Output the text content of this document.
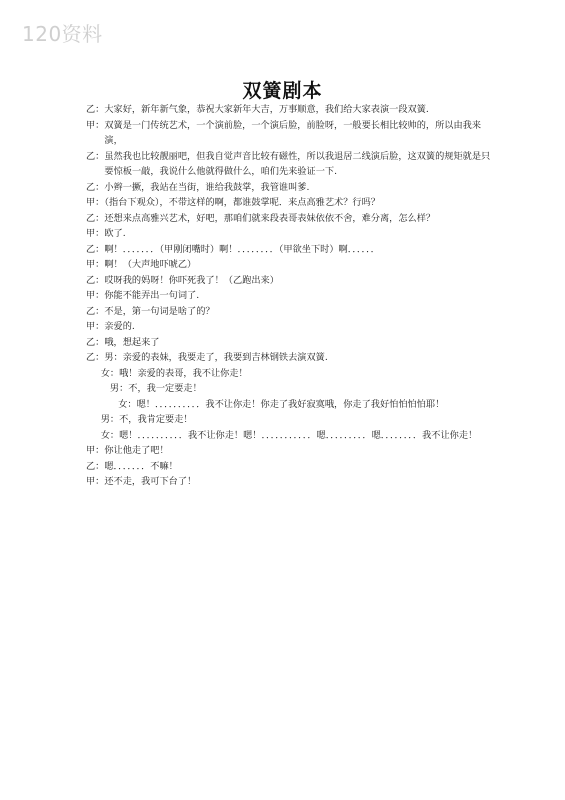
120资料
双簧剧本
乙：大家好，新年新气象，恭祝大家新年大吉，万事顺意，我们给大家表演一段双簧.
甲：双簧是一门传统艺术，一个演前脸，一个演后脸，前脸呀，一般要长相比较帅的，所以由我来演，
乙：虽然我也比较靓丽吧，但我自觉声音比较有磁性，所以我退居二线演后脸，这双簧的规矩就是只要惊板一敲，我说什么他就得做什么，咱们先来验证一下.
乙：小辫一撅，我站在当街，谁给我鼓掌，我管谁叫爹.
甲：（指台下观众），不带这样的啊，都谁鼓掌呢．来点高雅艺术？行吗？
乙：还想来点高雅兴艺术，好吧，那咱们就来段表哥表妹依依不舍，难分离，怎么样？
甲：欧了.
乙：啊！．．．．．．．（甲刚闭嘴时）啊！．．．．．．．．（甲欲坐下时）啊．．．．．．
甲：啊！（大声地吓唬乙）
乙：哎呀我的妈呀！你吓死我了！（乙跑出来）
甲：你能不能弄出一句词了.
乙：不是，第一句词是啥了的？
甲：亲爱的.
乙：哦，想起来了
乙：男：亲爱的表妹，我要走了，我要到吉林钢铁去演双簧.
女：哦！亲爱的表哥，我不让你走！
男：不，我一定要走！
女：嗯！．．．．．．．．．．我不让你走！你走了我好寂寞哦，你走了我好怕怕怕怕耶！
男：不，我肯定要走！
女：嗯！．．．．．．．．．．我不让你走！嗯！．．．．．．．．．．．嗯．．．．．．．．．嗯．．．．．．．．我不让你走！
甲：你让他走了吧！
乙：嗯．．．．．．．不嘛！
甲：还不走，我可下台了！
